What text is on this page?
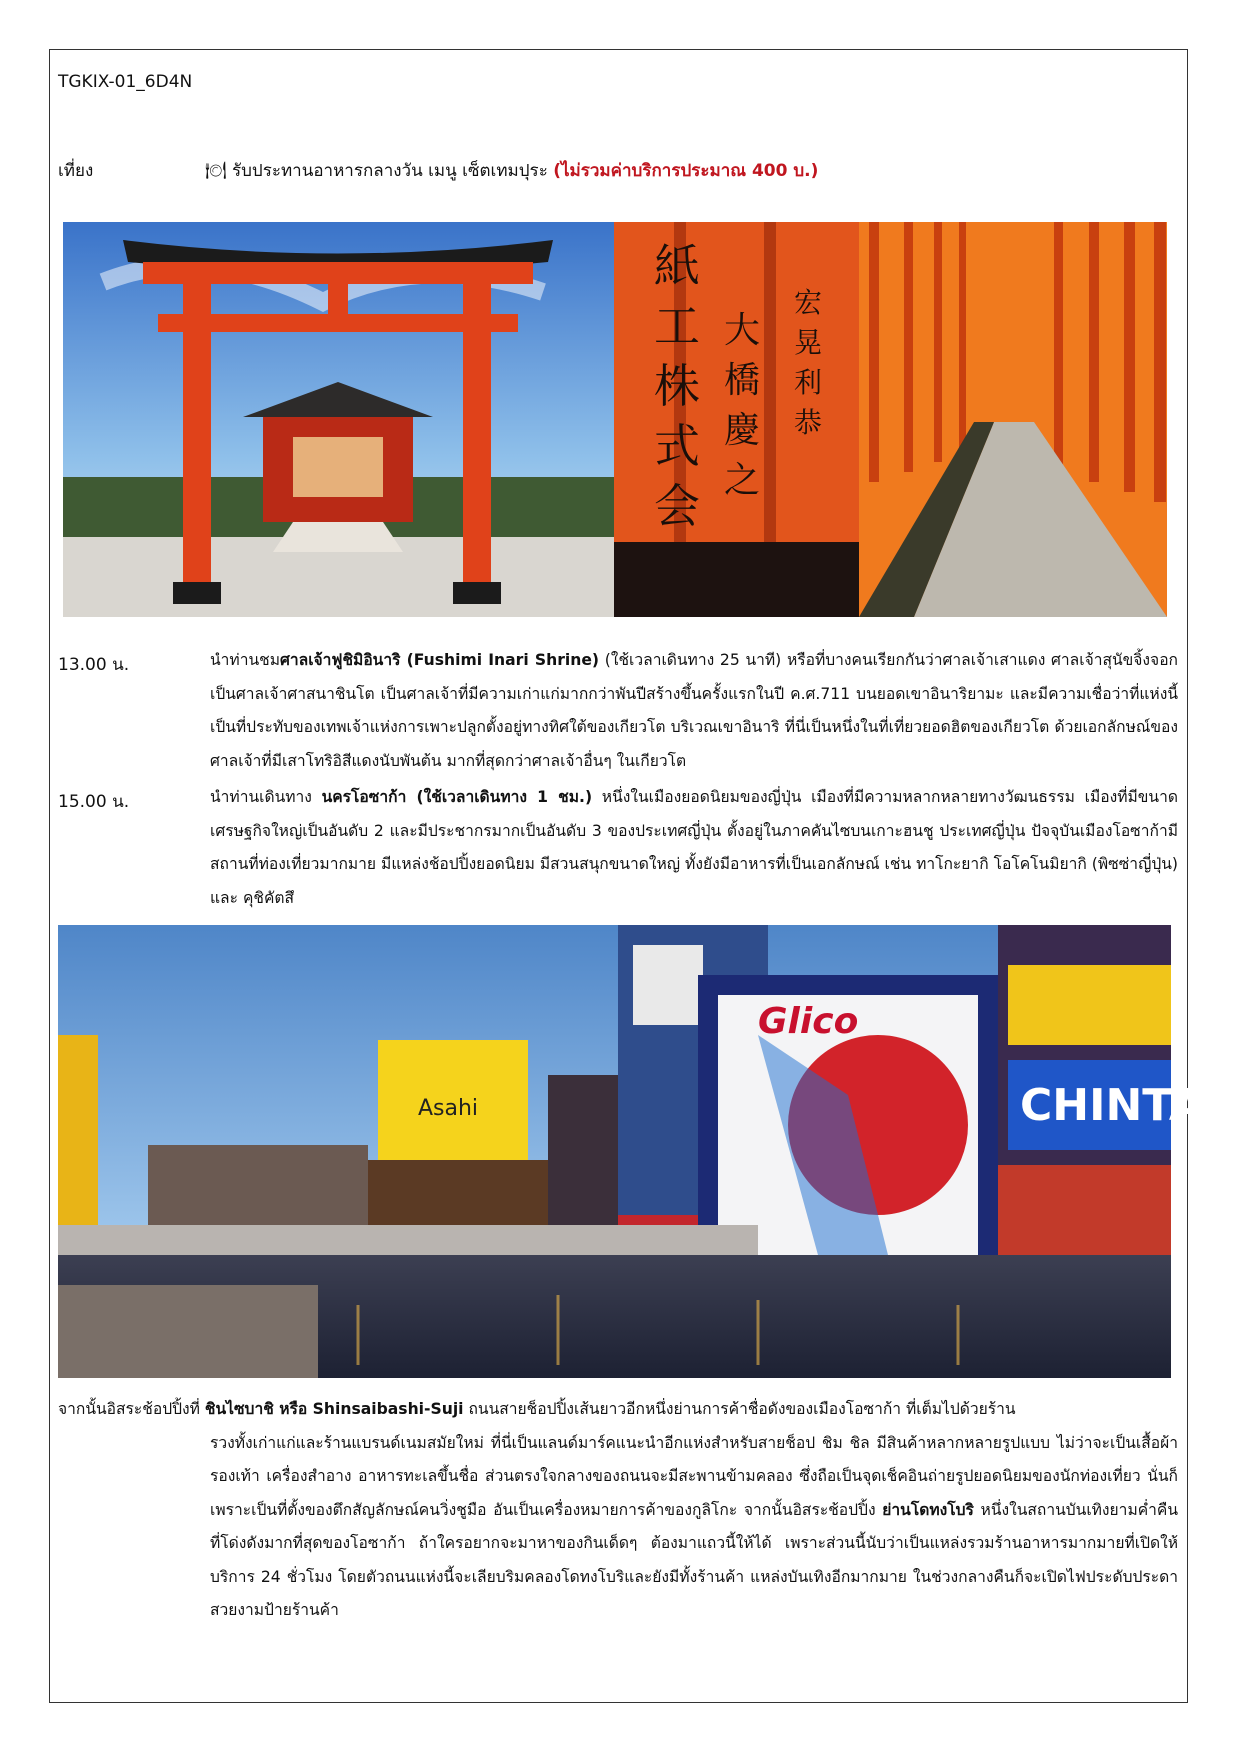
TGKIX-01_6D4N
เที่ยง	🍽 รับประทานอาหารกลางวัน เมนู เซ็ตเทมปุระ (ไม่รวมค่าบริการประมาณ 400 บ.)
紙
工
株
式
会
大
橋
慶
之
宏
晃
利
恭
13.00 น.	นำท่านชมศาลเจ้าฟูชิมิอินาริ (Fushimi Inari Shrine) (ใช้เวลาเดินทาง 25 นาที) หรือที่บางคนเรียกกันว่าศาลเจ้าเสาแดง ศาลเจ้าสุนัขจิ้งจอก เป็นศาลเจ้าศาสนาชินโต เป็นศาลเจ้าที่มีความเก่าแก่มากกว่าพันปีสร้างขึ้นครั้งแรกในปี ค.ศ.711 บนยอดเขาอินาริยามะ และมีความเชื่อว่าที่แห่งนี้เป็นที่ประทับของเทพเจ้าแห่งการเพาะปลูกตั้งอยู่ทางทิศใต้ของเกียวโต บริเวณเขาอินาริ ที่นี่เป็นหนึ่งในที่เที่ยวยอดฮิตของเกียวโต ด้วยเอกลักษณ์ของศาลเจ้าที่มีเสาโทริอิสีแดงนับพันต้น มากที่สุดกว่าศาลเจ้าอื่นๆ ในเกียวโต
15.00 น.	นำท่านเดินทาง นครโอซาก้า (ใช้เวลาเดินทาง 1 ชม.) หนึ่งในเมืองยอดนิยมของญี่ปุ่น เมืองที่มีความหลากหลายทางวัฒนธรรม เมืองที่มีขนาดเศรษฐกิจใหญ่เป็นอันดับ 2 และมีประชากรมากเป็นอันดับ 3 ของประเทศญี่ปุ่น ตั้งอยู่ในภาคคันไซบนเกาะฮนชู ประเทศญี่ปุ่น ปัจจุบันเมืองโอซาก้ามีสถานที่ท่องเที่ยวมากมาย มีแหล่งช้อปปิ้งยอดนิยม มีสวนสนุกขนาดใหญ่ ทั้งยังมีอาหารที่เป็นเอกลักษณ์ เช่น ทาโกะยากิ โอโคโนมิยากิ (พิซซ่าญี่ปุ่น) และ คุชิคัตสึ
Asahi
Glico
CHINTA
จากนั้นอิสระช้อปปิ้งที่ ชินไซบาชิ หรือ Shinsaibashi-Suji ถนนสายช็อปปิ้งเส้นยาวอีกหนึ่งย่านการค้าชื่อดังของเมืองโอซาก้า ที่เต็มไปด้วยร้าน
รวงทั้งเก่าแก่และร้านแบรนด์เนมสมัยใหม่ ที่นี่เป็นแลนด์มาร์คแนะนำอีกแห่งสำหรับสายช็อป ชิม ชิล มีสินค้าหลากหลายรูปแบบ ไม่ว่าจะเป็นเสื้อผ้า รองเท้า เครื่องสำอาง อาหารทะเลขึ้นชื่อ ส่วนตรงใจกลางของถนนจะมีสะพานข้ามคลอง ซึ่งถือเป็นจุดเช็คอินถ่ายรูปยอดนิยมของนักท่องเที่ยว นั่นก็เพราะเป็นที่ตั้งของตึกสัญลักษณ์คนวิ่งชูมือ อันเป็นเครื่องหมายการค้าของกูลิโกะ จากนั้นอิสระช้อปปิ้ง ย่านโดทงโบริ หนึ่งในสถานบันเทิงยามค่ำคืนที่โด่งดังมากที่สุดของโอซาก้า ถ้าใครอยากจะมาหาของกินเด็ดๆ ต้องมาแถวนี้ให้ได้ เพราะส่วนนี้นับว่าเป็นแหล่งรวมร้านอาหารมากมายที่เปิดให้บริการ 24 ชั่วโมง โดยตัวถนนแห่งนี้จะเลียบริมคลองโดทงโบริและยังมีทั้งร้านค้า แหล่งบันเทิงอีกมากมาย ในช่วงกลางคืนก็จะเปิดไฟประดับประดาสวยงามป้ายร้านค้า
